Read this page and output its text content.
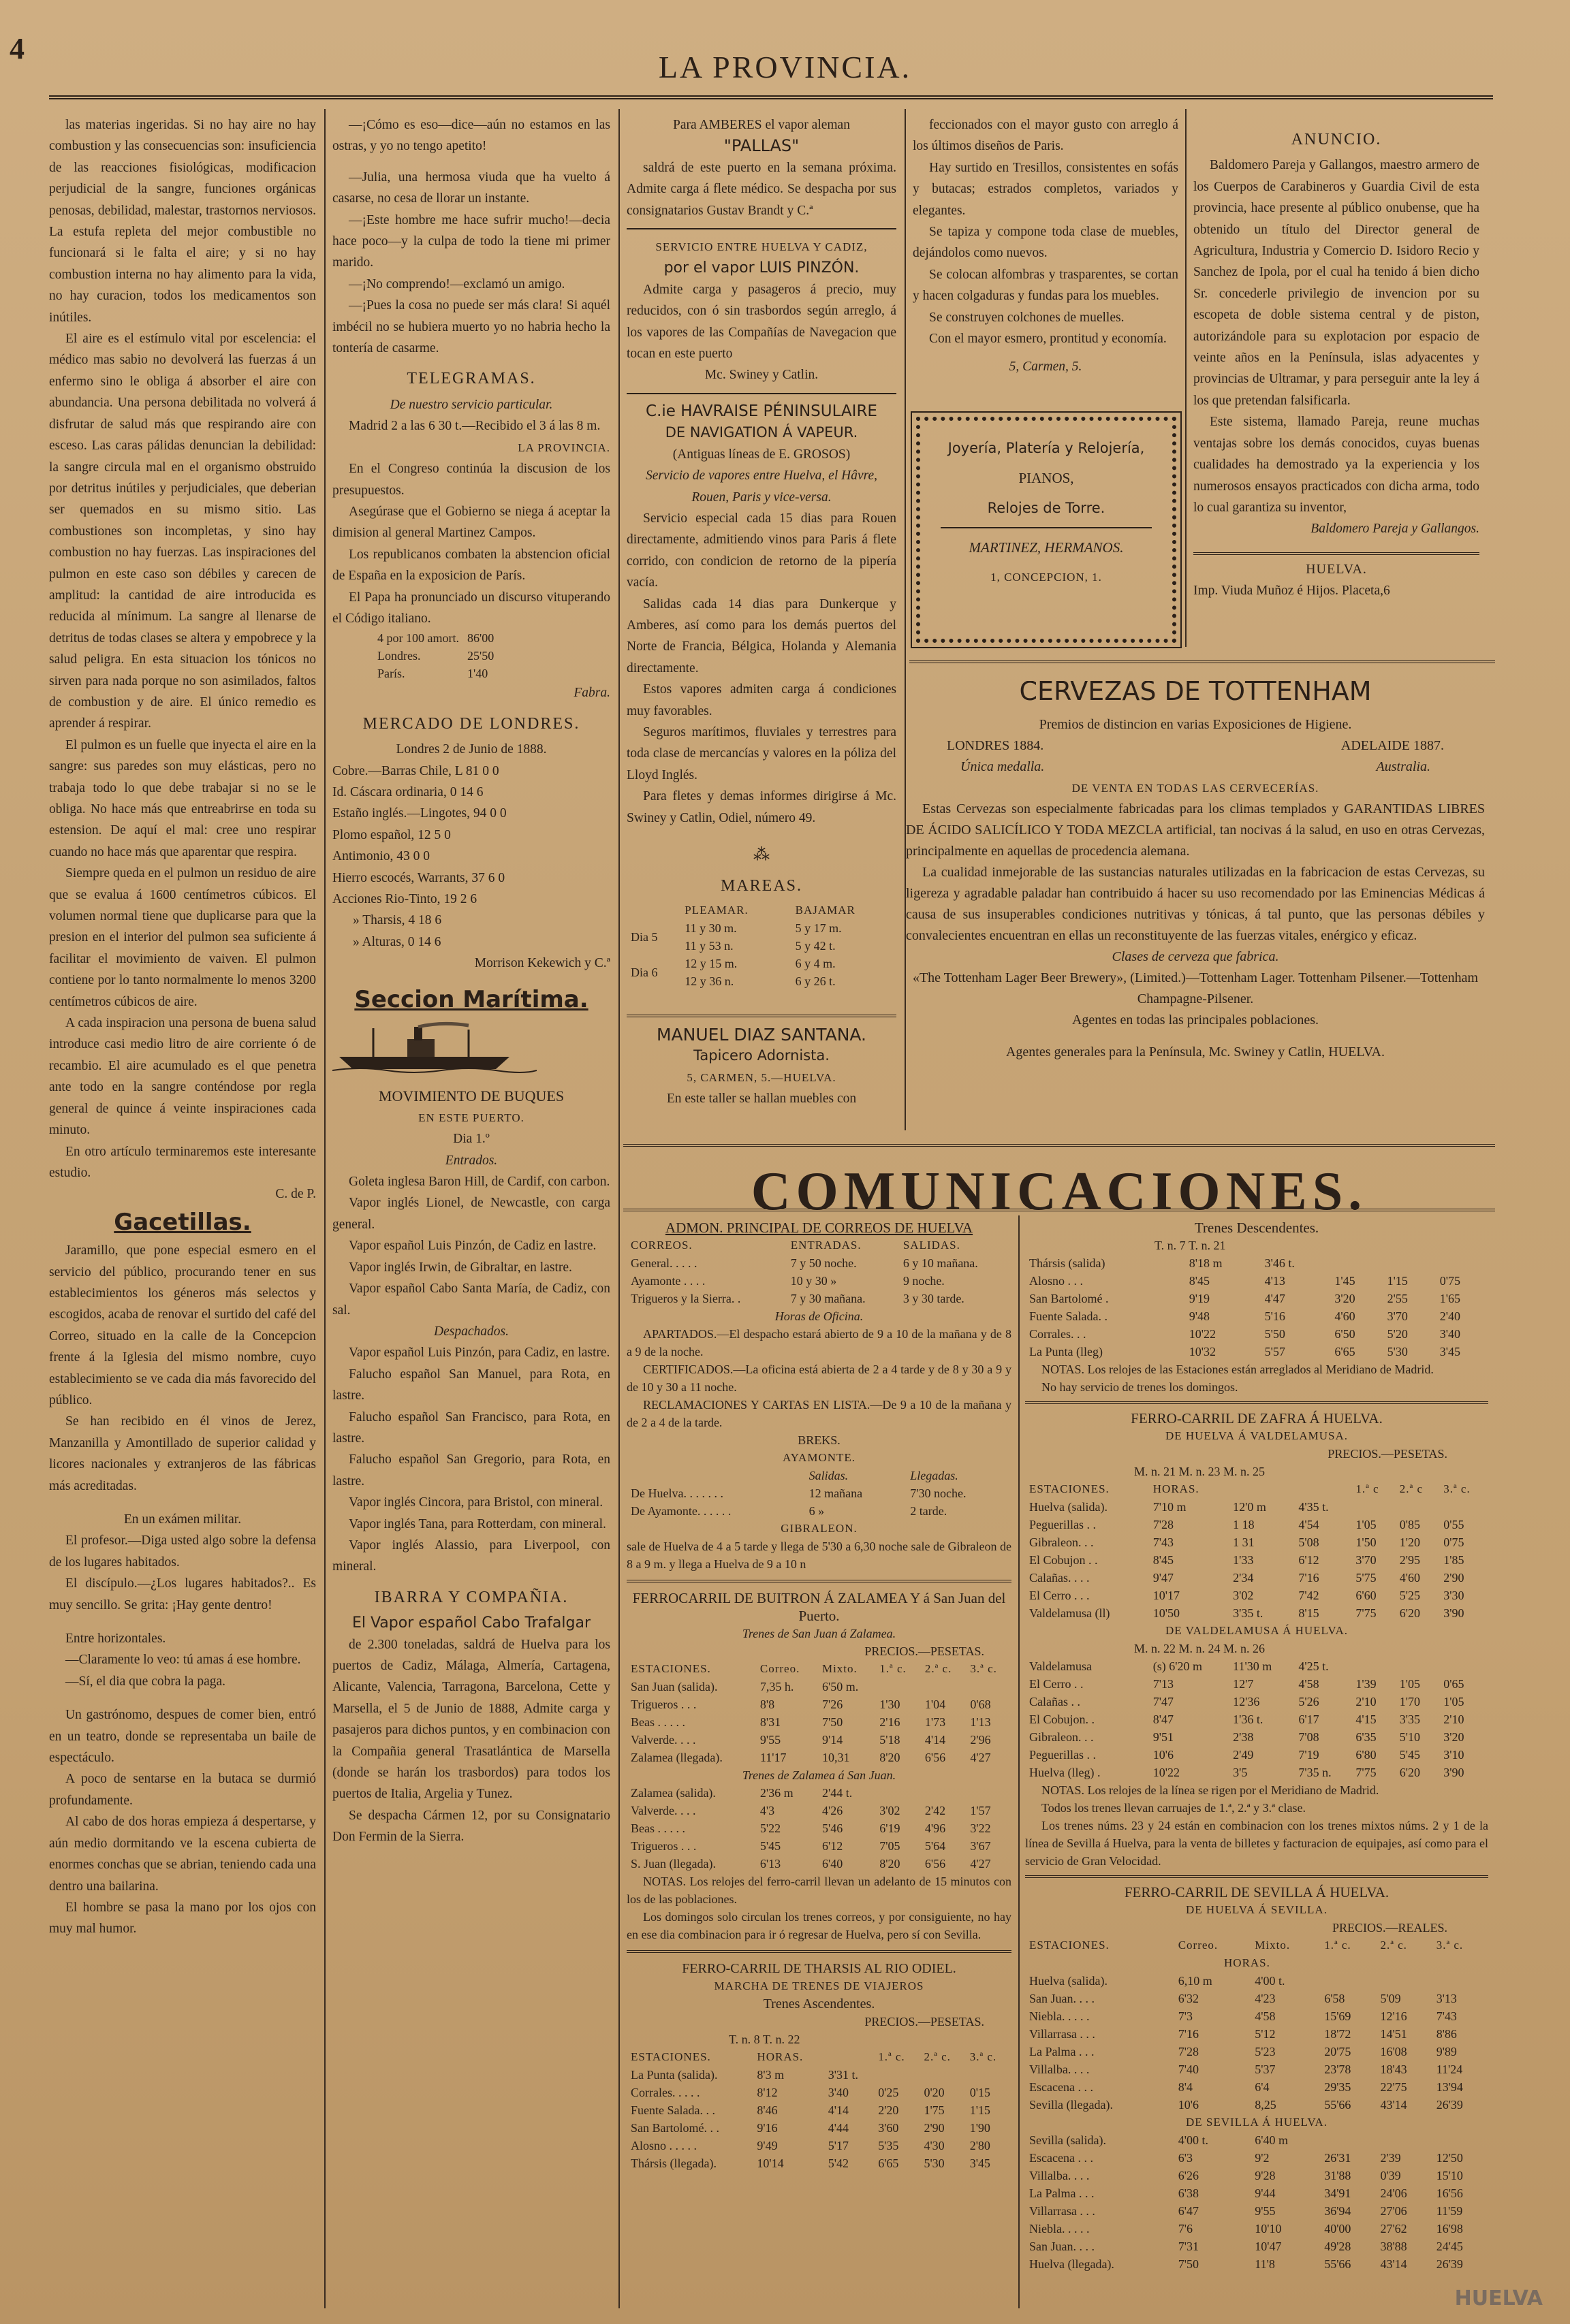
4
LA PROVINCIA.

las materias ingeridas. Si no hay aire no hay combustion y las consecuencias son: insuficiencia de las reacciones fisiológicas, modificacion perjudicial de la sangre, funciones orgánicas penosas, debilidad, malestar, trastornos nerviosos. La estufa repleta del mejor combustible no funcionará si le falta el aire; y si no hay combustion interna no hay alimento para la vida, no hay curacion, todos los medicamentos son inútiles.

El aire es el estímulo vital por escelencia: el médico mas sabio no devolverá las fuerzas á un enfermo sino le obliga á absorber el aire con abundancia. Una persona debilitada no volverá á disfrutar de salud más que respirando aire con esceso. Las caras pálidas denuncian la debilidad: la sangre circula mal en el organismo obstruido por detritus inútiles y perjudiciales, que deberian ser quemados en su mismo sitio. Las combustiones son incompletas, y sino hay combustion no hay fuerzas. Las inspiraciones del pulmon en este caso son débiles y carecen de amplitud: la cantidad de aire introducida es reducida al mínimum. La sangre al llenarse de detritus de todas clases se altera y empobrece y la salud peligra. En esta situacion los tónicos no sirven para nada porque no son asimilados, faltos de combustion y de aire. El único remedio es aprender á respirar.

El pulmon es un fuelle que inyecta el aire en la sangre: sus paredes son muy elásticas, pero no trabaja todo lo que debe trabajar si no se le obliga. No hace más que entreabrirse en toda su estension. De aquí el mal: cree uno respirar cuando no hace más que aparentar que respira.

Siempre queda en el pulmon un residuo de aire que se evalua á 1600 centímetros cúbicos. El volumen normal tiene que duplicarse para que la presion en el interior del pulmon sea suficiente á facilitar el movimiento de vaiven. El pulmon contiene por lo tanto normalmente lo menos 3200 centímetros cúbicos de aire.

A cada inspiracion una persona de buena salud introduce casi medio litro de aire corriente ó de recambio. El aire acumulado es el que penetra ante todo en la sangre conténdose por regla general de quince á veinte inspiraciones cada minuto.

En otro artículo terminaremos este interesante estudio.

C. de P.
Gacetillas.

Jaramillo, que pone especial esmero en el servicio del público, procurando tener en sus establecimientos los géneros más selectos y escogidos, acaba de renovar el surtido del café del Correo, situado en la calle de la Concepcion frente á la Iglesia del mismo nombre, cuyo establecimiento se ve cada dia más favorecido del público.

Se han recibido en él vinos de Jerez, Manzanilla y Amontillado de superior calidad y licores nacionales y extranjeros de las fábricas más acreditadas.

En un exámen militar.

El profesor.—Diga usted algo sobre la defensa de los lugares habitados.

El discípulo.—¿Los lugares habitados?.. Es muy sencillo. Se grita: ¡Hay gente dentro!

Entre horizontales.

—Claramente lo veo: tú amas á ese hombre.

—Sí, el dia que cobra la paga.

Un gastrónomo, despues de comer bien, entró en un teatro, donde se representaba un baile de espectáculo.

A poco de sentarse en la butaca se durmió profundamente.

Al cabo de dos horas empieza á despertarse, y aún medio dormitando ve la escena cubierta de enormes conchas que se abrian, teniendo cada una dentro una bailarina.

El hombre se pasa la mano por los ojos con muy mal humor.

—¡Cómo es eso—dice—aún no estamos en las ostras, y yo no tengo apetito!

—Julia, una hermosa viuda que ha vuelto á casarse, no cesa de llorar un instante.

—¡Este hombre me hace sufrir mucho!—decia hace poco—y la culpa de todo la tiene mi primer marido.

—¡No comprendo!—exclamó un amigo.

—¡Pues la cosa no puede ser más clara! Si aquél imbécil no se hubiera muerto yo no habria hecho la tontería de casarme.

TELEGRAMAS.
De nuestro servicio particular.

Madrid 2 a las 6 30 t.—Recibido el 3 á las 8 m.

LA PROVINCIA.

En el Congreso continúa la discusion de los presupuestos.

Asegúrase que el Gobierno se niega á aceptar la dimision al general Martinez Campos.

Los republicanos combaten la abstencion oficial de España en la exposicion de París.

El Papa ha pronunciado un discurso vituperando el Código italiano.

4 por 100 amort.	86'00
Londres.	25'50
París.	1'40
Fabra.
MERCADO DE LONDRES.
Londres 2 de Junio de 1888.
Cobre.—Barras Chile, L 81 0 0
Id. Cáscara ordinaria, 0 14 6
Estaño inglés.—Lingotes, 94 0 0
Plomo español, 12 5 0
Antimonio, 43 0 0
Hierro escocés, Warrants, 37 6 0
Acciones Rio-Tinto, 19 2 6
» Tharsis, 4 18 6
» Alturas, 0 14 6
Morrison Kekewich y C.ª
Seccion Marítima.
MOVIMIENTO DE BUQUES
EN ESTE PUERTO.
Dia 1.º
Entrados.

Goleta inglesa Baron Hill, de Cardif, con carbon.

Vapor inglés Lionel, de Newcastle, con carga general.

Vapor español Luis Pinzón, de Cadiz en lastre.

Vapor inglés Irwin, de Gibraltar, en lastre.

Vapor español Cabo Santa María, de Cadiz, con sal.

Despachados.

Vapor español Luis Pinzón, para Cadiz, en lastre.

Falucho español San Manuel, para Rota, en lastre.

Falucho español San Francisco, para Rota, en lastre.

Falucho español San Gregorio, para Rota, en lastre.

Vapor inglés Cincora, para Bristol, con mineral.

Vapor inglés Tana, para Rotterdam, con mineral.

Vapor inglés Alassio, para Liverpool, con mineral.

IBARRA Y COMPAÑIA.
El Vapor español Cabo Trafalgar

de 2.300 toneladas, saldrá de Huelva para los puertos de Cadiz, Málaga, Almería, Cartagena, Alicante, Valencia, Tarragona, Barcelona, Cette y Marsella, el 5 de Junio de 1888, Admite carga y pasajeros para dichos puntos, y en combinacion con la Compañia general Trasatlántica de Marsella (donde se harán los trasbordos) para todos los puertos de Italia, Argelia y Tunez.

Se despacha Cármen 12, por su Consignatario Don Fermin de la Sierra.

Para AMBERES el vapor aleman
"PALLAS"

saldrá de este puerto en la semana próxima. Admite carga á flete médico. Se despacha por sus consignatarios Gustav Brandt y C.ª

SERVICIO ENTRE HUELVA Y CADIZ,
por el vapor LUIS PINZÓN.

Admite carga y pasageros á precio, muy reducidos, con ó sin trasbordos según arreglo, á los vapores de las Compañías de Navegacion que tocan en este puerto

Mc. Swiney y Catlin.
C.ie HAVRAISE PÉNINSULAIRE
DE NAVIGATION Á VAPEUR.
(Antiguas líneas de E. GROSOS)
Servicio de vapores entre Huelva, el Hâvre, Rouen, Paris y vice-versa.

Servicio especial cada 15 dias para Rouen directamente, admitiendo vinos para Paris á flete corrido, con condicion de retorno de la pipería vacía.

Salidas cada 14 dias para Dunkerque y Amberes, así como para los demás puertos del Norte de Francia, Bélgica, Holanda y Alemania directamente.

Estos vapores admiten carga á condiciones muy favorables.

Seguros marítimos, fluviales y terrestres para toda clase de mercancías y valores en la póliza del Lloyd Inglés.

Para fletes y demas informes dirigirse á Mc. Swiney y Catlin, Odiel, número 49.

⁂
MAREAS.
	PLEAMAR.	BAJAMAR
Dia 5	11 y 30 m.	5 y 17 m.
	11 y 53 n.	5 y 42 t.
Dia 6	12 y 15 m.	6 y 4 m.
	12 y 36 n.	6 y 26 t.
MANUEL DIAZ SANTANA.
Tapicero Adornista.
5, CARMEN, 5.—HUELVA.
En este taller se hallan muebles con

feccionados con el mayor gusto con arreglo á los últimos diseños de Paris.

Hay surtido en Tresillos, consistentes en sofás y butacas; estrados completos, variados y elegantes.

Se tapiza y compone toda clase de muebles, dejándolos como nuevos.

Se colocan alfombras y trasparentes, se cortan y hacen colgaduras y fundas para los muebles.

Se construyen colchones de muelles.

Con el mayor esmero, prontitud y economía.

5, Carmen, 5.
Joyería, Platería y Relojería,
PIANOS,
Relojes de Torre.
MARTINEZ, HERMANOS.
1, CONCEPCION, 1.
ANUNCIO.

Baldomero Pareja y Gallangos, maestro armero de los Cuerpos de Carabineros y Guardia Civil de esta provincia, hace presente al público onubense, que ha obtenido un título del Director general de Agricultura, Industria y Comercio D. Isidoro Recio y Sanchez de Ipola, por el cual ha tenido á bien dicho Sr. concederle privilegio de invencion por su escopeta de doble sistema central y de piston, autorizándole para su explotacion por espacio de veinte años en la Península, islas adyacentes y provincias de Ultramar, y para perseguir ante la ley á los que pretendan falsificarla.

Este sistema, llamado Pareja, reune muchas ventajas sobre los demás conocidos, cuyas buenas cualidades ha demostrado ya la experiencia y los numerosos ensayos practicados con dicha arma, todo lo cual garantiza su inventor,

Baldomero Pareja y Gallangos.
HUELVA.
Imp. Viuda Muñoz é Hijos. Placeta,6
CERVEZAS DE TOTTENHAM
Premios de distincion en varias Exposiciones de Higiene.
LONDRES 1884.	ADELAIDE 1887.
Única medalla.	Australia.
DE VENTA EN TODAS LAS CERVECERÍAS.

Estas Cervezas son especialmente fabricadas para los climas templados y GARANTIDAS LIBRES DE ÁCIDO SALICÍLICO Y TODA MEZCLA artificial, tan nocivas á la salud, en uso en otras Cervezas, principalmente en aquellas de procedencia alemana.

La cualidad inmejorable de las sustancias naturales utilizadas en la fabricacion de estas Cervezas, su ligereza y agradable paladar han contribuido á hacer su uso recomendado por las Eminencias Médicas á causa de sus insuperables condiciones nutritivas y tónicas, á tal punto, que las personas débiles y convalecientes encuentran en ellas un reconstituyente de las fuerzas vitales, enérgico y eficaz.

Clases de cerveza que fabrica.
«The Tottenham Lager Beer Brewery», (Limited.)—Tottenham Lager. Tottenham Pilsener.—Tottenham Champagne-Pilsener.
Agentes en todas las principales poblaciones.
Agentes generales para la Península, Mc. Swiney y Catlin, HUELVA.
COMUNICACIONES.
ADMON. PRINCIPAL DE CORREOS DE HUELVA
CORREOS.	ENTRADAS.	SALIDAS.
General. . . . .	7 y 50 noche.	6 y 10 mañana.
Ayamonte . . . .	10 y 30 »	9 noche.
Trigueros y la Sierra. .	7 y 30 mañana.	3 y 30 tarde.
Horas de Oficina.

APARTADOS.—El despacho estará abierto de 9 a 10 de la mañana y de 8 a 9 de la noche.

CERTIFICADOS.—La oficina está abierta de 2 a 4 tarde y de 8 y 30 a 9 y de 10 y 30 a 11 noche.

RECLAMACIONES Y CARTAS EN LISTA.—De 9 a 10 de la mañana y de 2 a 4 de la tarde.

BREKS.
AYAMONTE.
	Salidas.	Llegadas.
De Huelva. . . . . . .	12 mañana	7'30 noche.
De Ayamonte. . . . . .	6 »	2 tarde.
GIBRALEON.
sale de Huelva de 4 a 5 tarde y llega de 5'30 a 6,30 noche sale de Gibraleon de 8 a 9 m. y llega a Huelva de 9 a 10 n
FERROCARRIL DE BUITRON Á ZALAMEA Y á San Juan del Puerto.
Trenes de San Juan á Zalamea.
PRECIOS.—PESETAS.
ESTACIONES.	Correo.	Mixto.	1.ª c.	2.ª c.	3.ª c.
San Juan (salida).	7,35 h.	6'50 m.			
Trigueros . . .	8'8	7'26	1'30	1'04	0'68
Beas . . . . .	8'31	7'50	2'16	1'73	1'13
Valverde. . . .	9'55	9'14	5'18	4'14	2'96
Zalamea (llegada).	11'17	10,31	8'20	6'56	4'27
Trenes de Zalamea á San Juan.					
Zalamea (salida).	2'36 m	2'44 t.			
Valverde. . . .	4'3	4'26	3'02	2'42	1'57
Beas . . . . .	5'22	5'46	6'19	4'96	3'22
Trigueros . . .	5'45	6'12	7'05	5'64	3'67
S. Juan (llegada).	6'13	6'40	8'20	6'56	4'27

NOTAS. Los relojes del ferro-carril llevan un adelanto de 15 minutos con los de las poblaciones.

Los domingos solo circulan los trenes correos, y por consiguiente, no hay en ese dia combinacion para ir ó regresar de Huelva, pero sí con Sevilla.

FERRO-CARRIL DE THARSIS AL RIO ODIEL.
MARCHA DE TRENES DE VIAJEROS
Trenes Ascendentes.
PRECIOS.—PESETAS.
T. n. 8 T. n. 22
ESTACIONES.	HORAS.		1.ª c.	2.ª c.	3.ª c.
La Punta (salida).	8'3 m	3'31 t.			
Corrales. . . . .	8'12	3'40	0'25	0'20	0'15
Fuente Salada. . .	8'46	4'14	2'20	1'75	1'15
San Bartolomé. . .	9'16	4'44	3'60	2'90	1'90
Alosno . . . . .	9'49	5'17	5'35	4'30	2'80
Thársis (llegada).	10'14	5'42	6'65	5'30	3'45
Trenes Descendentes.
T. n. 7 T. n. 21
Thársis (salida)	8'18 m	3'46 t.			
Alosno . . .	8'45	4'13	1'45	1'15	0'75
San Bartolomé .	9'19	4'47	3'20	2'55	1'65
Fuente Salada. .	9'48	5'16	4'60	3'70	2'40
Corrales. . .	10'22	5'50	6'50	5'20	3'40
La Punta (lleg)	10'32	5'57	6'65	5'30	3'45

NOTAS. Los relojes de las Estaciones están arreglados al Meridiano de Madrid.

No hay servicio de trenes los domingos.

FERRO-CARRIL DE ZAFRA Á HUELVA.
DE HUELVA Á VALDELAMUSA.
PRECIOS.—PESETAS.
M. n. 21 M. n. 23 M. n. 25
ESTACIONES.	HORAS.			1.ª c	2.ª c	3.ª c.
Huelva (salida).	7'10 m	12'0 m	4'35 t.			
Peguerillas . .	7'28	1 18	4'54	1'05	0'85	0'55
Gibraleon. . .	7'43	1 31	5'08	1'50	1'20	0'75
El Cobujon . .	8'45	1'33	6'12	3'70	2'95	1'85
Calañas. . . .	9'47	2'34	7'16	5'75	4'60	2'90
El Cerro . . .	10'17	3'02	7'42	6'60	5'25	3'30
Valdelamusa (ll)	10'50	3'35 t.	8'15	7'75	6'20	3'90
DE VALDELAMUSA Á HUELVA.						
M. n. 22 M. n. 24 M. n. 26						
Valdelamusa	(s) 6'20 m	11'30 m	4'25 t.			
El Cerro . .	7'13	12'7	4'58	1'39	1'05	0'65
Calañas . .	7'47	12'36	5'26	2'10	1'70	1'05
El Cobujon. .	8'47	1'36 t.	6'17	4'15	3'35	2'10
Gibraleon. . .	9'51	2'38	7'08	6'35	5'10	3'20
Peguerillas . .	10'6	2'49	7'19	6'80	5'45	3'10
Huelva (lleg) .	10'22	3'5	7'35 n.	7'75	6'20	3'90

NOTAS. Los relojes de la línea se rigen por el Meridiano de Madrid.

Todos los trenes llevan carruajes de 1.ª, 2.ª y 3.ª clase.

Los trenes núms. 23 y 24 están en combinacion con los trenes mixtos núms. 2 y 1 de la línea de Sevilla á Huelva, para la venta de billetes y facturacion de equipajes, así como para el servicio de Gran Velocidad.

FERRO-CARRIL DE SEVILLA Á HUELVA.
DE HUELVA Á SEVILLA.
PRECIOS.—REALES.
ESTACIONES.	Correo.	Mixto.	1.ª c.	2.ª c.	3.ª c.
	HORAS.				
Huelva (salida).	6,10 m	4'00 t.			
San Juan. . . .	6'32	4'23	6'58	5'09	3'13
Niebla. . . . .	7'3	4'58	15'69	12'16	7'43
Villarrasa . . .	7'16	5'12	18'72	14'51	8'86
La Palma . . .	7'28	5'23	20'75	16'08	9'89
Villalba. . . .	7'40	5'37	23'78	18'43	11'24
Escacena . . .	8'4	6'4	29'35	22'75	13'94
Sevilla (llegada).	10'6	8,25	55'66	43'14	26'39
DE SEVILLA Á HUELVA.					
Sevilla (salida).	4'00 t.	6'40 m			
Escacena . . .	6'3	9'2	26'31	2'39	12'50
Villalba. . . .	6'26	9'28	31'88	0'39	15'10
La Palma . . .	6'38	9'44	34'91	24'06	16'56
Villarrasa . . .	6'47	9'55	36'94	27'06	11'59
Niebla. . . . .	7'6	10'10	40'00	27'62	16'98
San Juan. . . .	7'31	10'47	49'28	38'88	24'45
Huelva (llegada).	7'50	11'8	55'66	43'14	26'39
HUELVA
